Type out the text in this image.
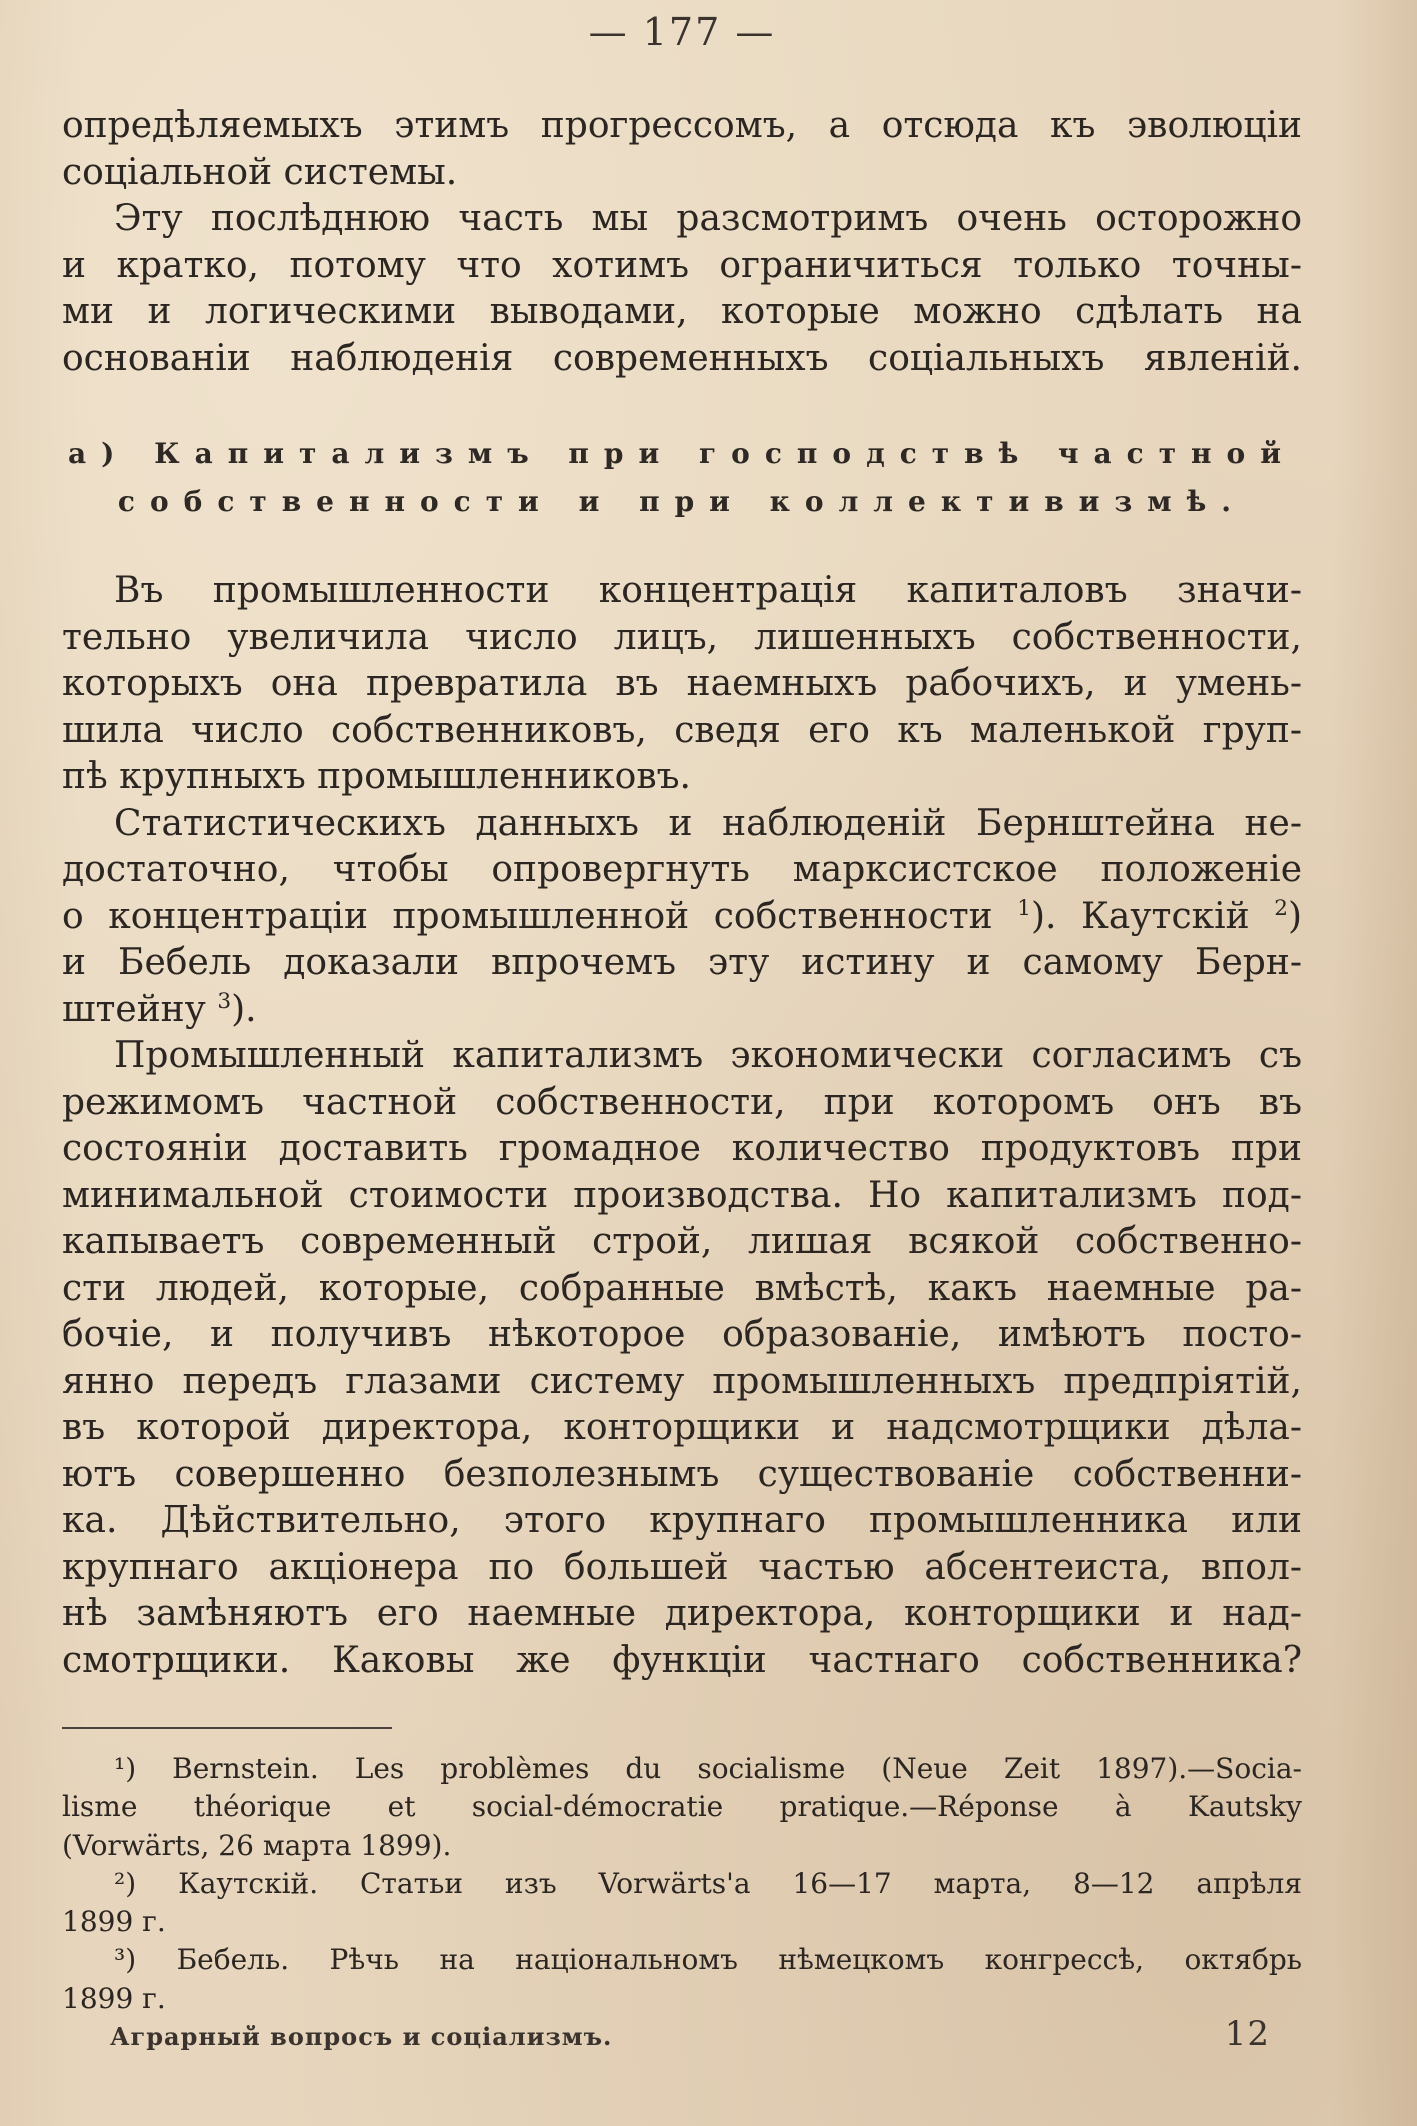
— 177 —
опредѣляемыхъ этимъ прогрессомъ, а отсюда къ эволюціи
соціальной системы.
Эту послѣднюю часть мы разсмотримъ очень осторожно
и кратко, потому что хотимъ ограничиться только точны-
ми и логическими выводами, которые можно сдѣлать на
основаніи наблюденія современныхъ соціальныхъ явленій.
а) Капитализмъ при господствѣ частной
собственности и при коллективизмѣ.
Въ промышленности концентрація капиталовъ значи-
тельно увеличила число лицъ, лишенныхъ собственности,
которыхъ она превратила въ наемныхъ рабочихъ, и умень-
шила число собственниковъ, сведя его къ маленькой груп-
пѣ крупныхъ промышленниковъ.
Статистическихъ данныхъ и наблюденій Бернштейна не-
достаточно, чтобы опровергнуть марксистское положеніе
о концентраціи промышленной собственности $^1$). Каутскій $^2$)
и Бебель доказали впрочемъ эту истину и самому Берн-
штейну $^3$).
Промышленный капитализмъ экономически согласимъ съ
режимомъ частной собственности, при которомъ онъ въ
состояніи доставить громадное количество продуктовъ при
минимальной стоимости производства. Но капитализмъ под-
капываетъ современный строй, лишая всякой собственно-
сти людей, которые, собранные вмѣстѣ, какъ наемные ра-
бочіе, и получивъ нѣкоторое образованіе, имѣютъ посто-
янно передъ глазами систему промышленныхъ предпріятій,
въ которой директора, конторщики и надсмотрщики дѣла-
ютъ совершенно безполезнымъ существованіе собственни-
ка. Дѣйствительно, этого крупнаго промышленника или
крупнаго акціонера по большей частью абсентеиста, впол-
нѣ замѣняютъ его наемные директора, конторщики и над-
смотрщики. Каковы же функціи частнаго собственника?
¹) Bernstein. Les problèmes du socialisme (Neue Zeit 1897).—Socia-
lisme théorique et social-démocratie pratique.—Réponse à Kautsky
(Vorwärts, 26 марта 1899).
²) Каутскій. Статьи изъ Vorwärts'а 16—17 марта, 8—12 апрѣля
1899 г.
³) Бебель. Рѣчь на національномъ нѣмецкомъ конгрессѣ, октябрь
1899 г.
Аграрный вопросъ и соціализмъ.	12
